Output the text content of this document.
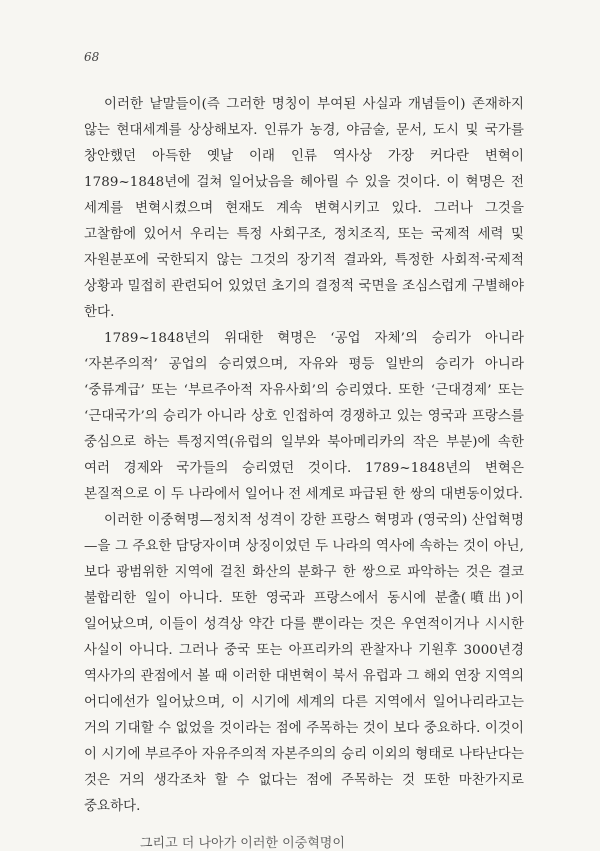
68

이러한 낱말들이(즉 그러한 명칭이 부여된 사실과 개념들이) 존재하지 않는 현대세계를 상상해보자. 인류가 농경, 야금술, 문서, 도시 및 국가를 창안했던 아득한 옛날 이래 인류 역사상 가장 커다란 변혁이 1789~1848년에 걸쳐 일어났음을 헤아릴 수 있을 것이다. 이 혁명은 전 세계를 변혁시켰으며 현재도 계속 변혁시키고 있다. 그러나 그것을 고찰함에 있어서 우리는 특정 사회구조, 정치조직, 또는 국제적 세력 및 자원분포에 국한되지 않는 그것의 장기적 결과와, 특정한 사회적·국제적 상황과 밀접히 관련되어 있었던 초기의 결정적 국면을 조심스럽게 구별해야 한다.

1789~1848년의 위대한 혁명은 ‘공업 자체’의 승리가 아니라 ‘자본주의적’ 공업의 승리였으며, 자유와 평등 일반의 승리가 아니라 ‘중류계급’ 또는 ‘부르주아적 자유사회’의 승리였다. 또한 ‘근대경제’ 또는 ‘근대국가’의 승리가 아니라 상호 인접하여 경쟁하고 있는 영국과 프랑스를 중심으로 하는 특정지역(유럽의 일부와 북아메리카의 작은 부분)에 속한 여러 경제와 국가들의 승리였던 것이다. 1789~1848년의 변혁은 본질적으로 이 두 나라에서 일어나 전 세계로 파급된 한 쌍의 대변동이었다.

이러한 이중혁명—정치적 성격이 강한 프랑스 혁명과 (영국의) 산업혁명—을 그 주요한 담당자이며 상징이었던 두 나라의 역사에 속하는 것이 아닌, 보다 광범위한 지역에 걸친 화산의 분화구 한 쌍으로 파악하는 것은 결코 불합리한 일이 아니다. 또한 영국과 프랑스에서 동시에 분출(噴出)이 일어났으며, 이들이 성격상 약간 다를 뿐이라는 것은 우연적이거나 시시한 사실이 아니다. 그러나 중국 또는 아프리카의 관찰자나 기원후 3000년경 역사가의 관점에서 볼 때 이러한 대변혁이 북서 유럽과 그 해외 연장 지역의 어디에선가 일어났으며, 이 시기에 세계의 다른 지역에서 일어나리라고는 거의 기대할 수 없었을 것이라는 점에 주목하는 것이 보다 중요하다. 이것이 이 시기에 부르주아 자유주의적 자본주의의 승리 이외의 형태로 나타난다는 것은 거의 생각조차 할 수 없다는 점에 주목하는 것 또한 마찬가지로 중요하다.

그리고 더 나아가 이러한 이중혁명이
